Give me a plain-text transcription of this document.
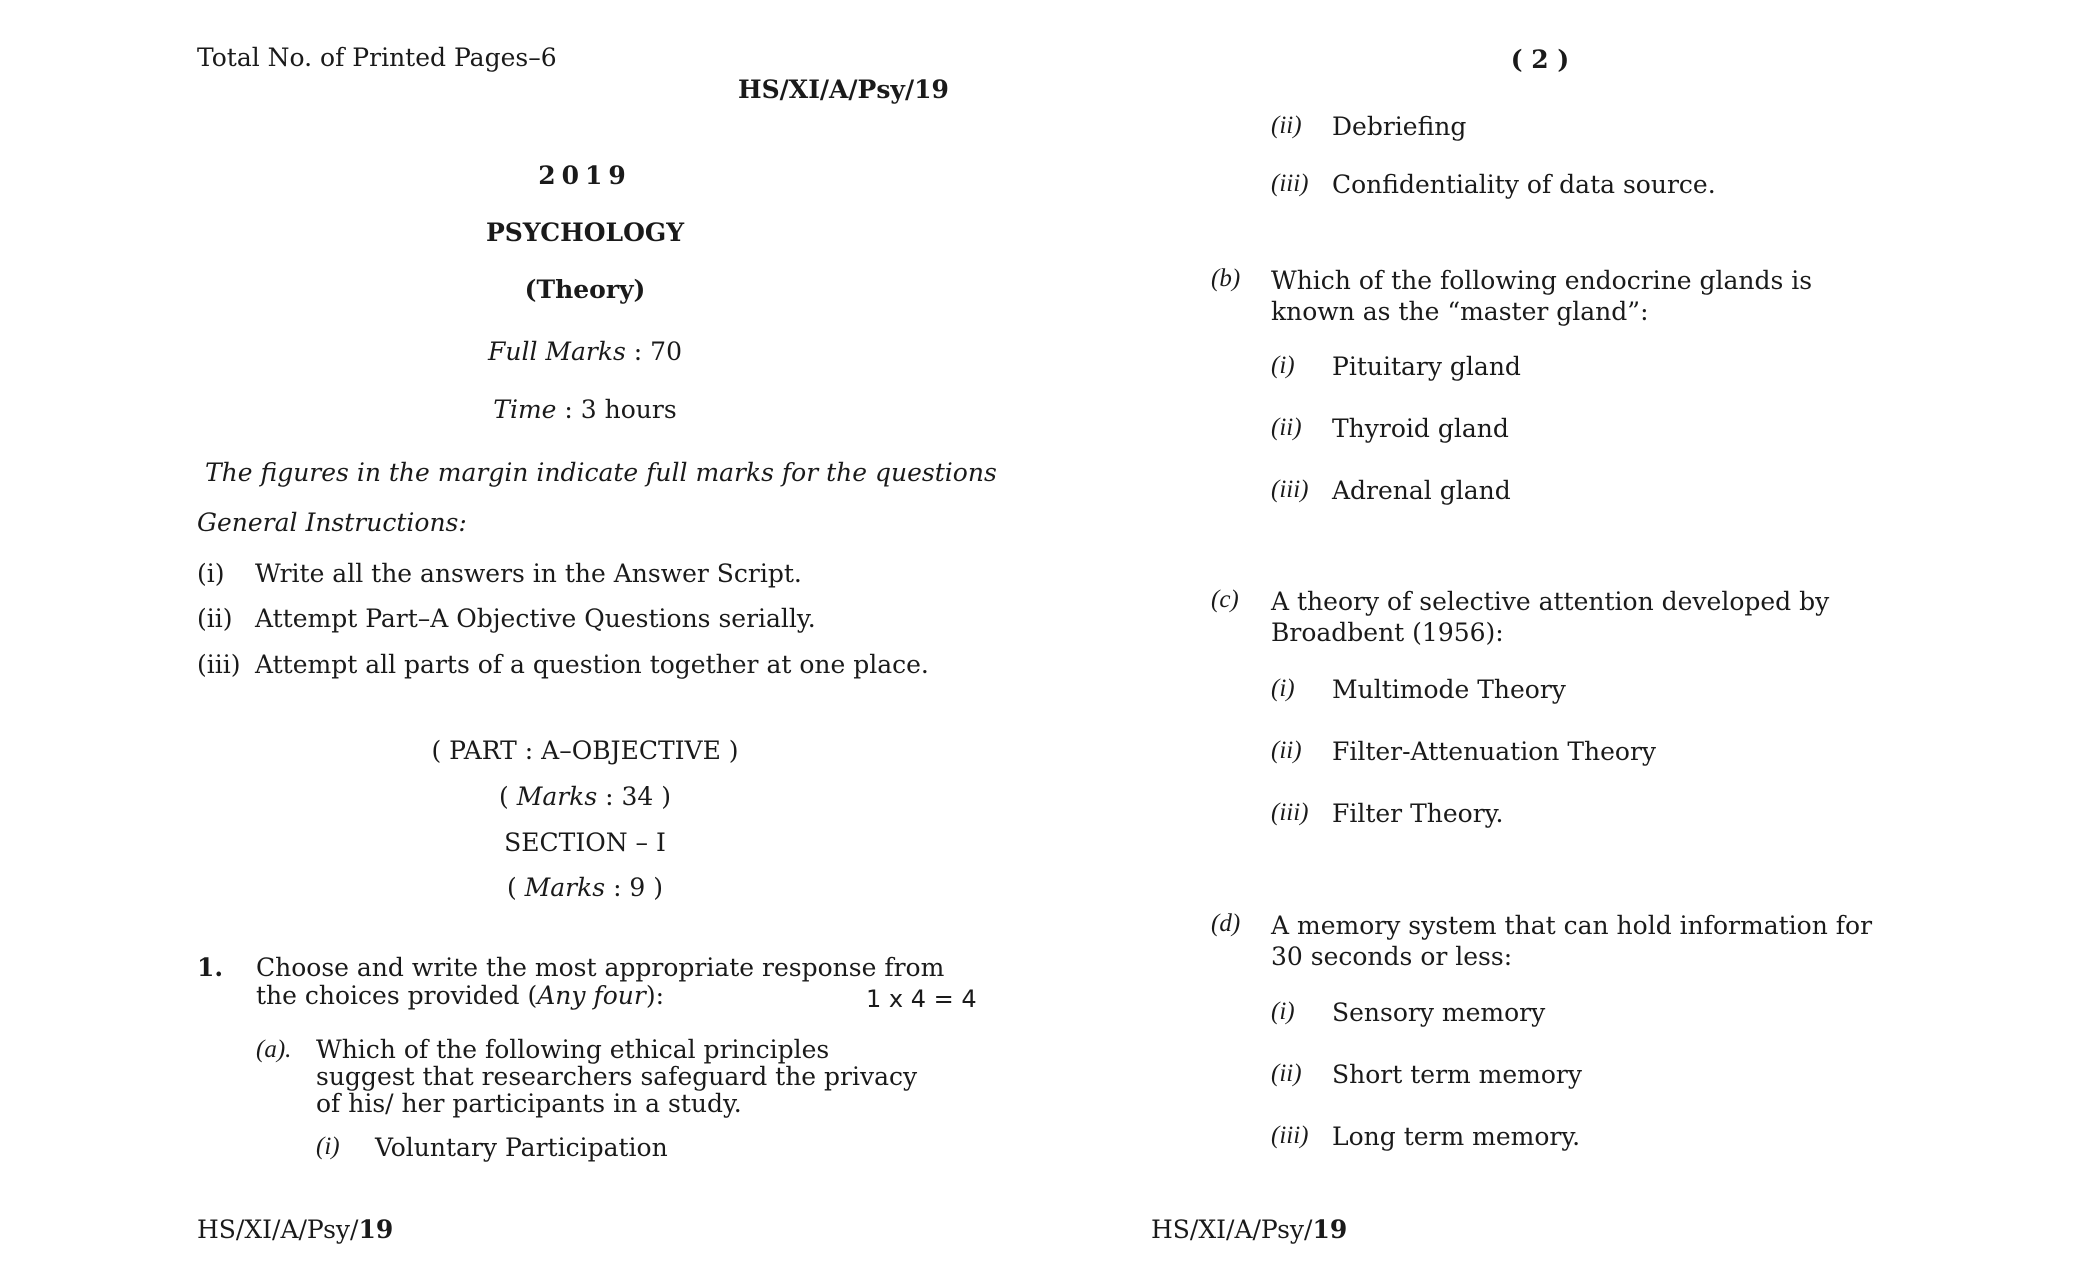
Total No. of Printed Pages–6
HS/XI/A/Psy/19
2019
PSYCHOLOGY
(Theory)
Full Marks : 70
Time : 3 hours
The figures in the margin indicate full marks for the questions
General Instructions:
(i) Write all the answers in the Answer Script.
(ii) Attempt Part–A Objective Questions serially.
(iii) Attempt all parts of a question together at one place.
( PART : A–OBJECTIVE )
( Marks : 34 )
SECTION – I
( Marks : 9 )
1. Choose and write the most appropriate response from
the choices provided (Any four):	1 x 4 = 4
(a). Which of the following ethical principles suggest that researchers safeguard the privacy of his/ her participants in a study.
(i) Voluntary Participation
HS/XI/A/Psy/19
( 2 )
(ii) Debriefing
(iii) Confidentiality of data source.
(b) Which of the following endocrine glands is known as the “master gland”:
(i) Pituitary gland
(ii) Thyroid gland
(iii) Adrenal gland
(c) A theory of selective attention developed by Broadbent (1956):
(i) Multimode Theory
(ii) Filter-Attenuation Theory
(iii) Filter Theory.
(d) A memory system that can hold information for 30 seconds or less:
(i) Sensory memory
(ii) Short term memory
(iii) Long term memory.
HS/XI/A/Psy/19
